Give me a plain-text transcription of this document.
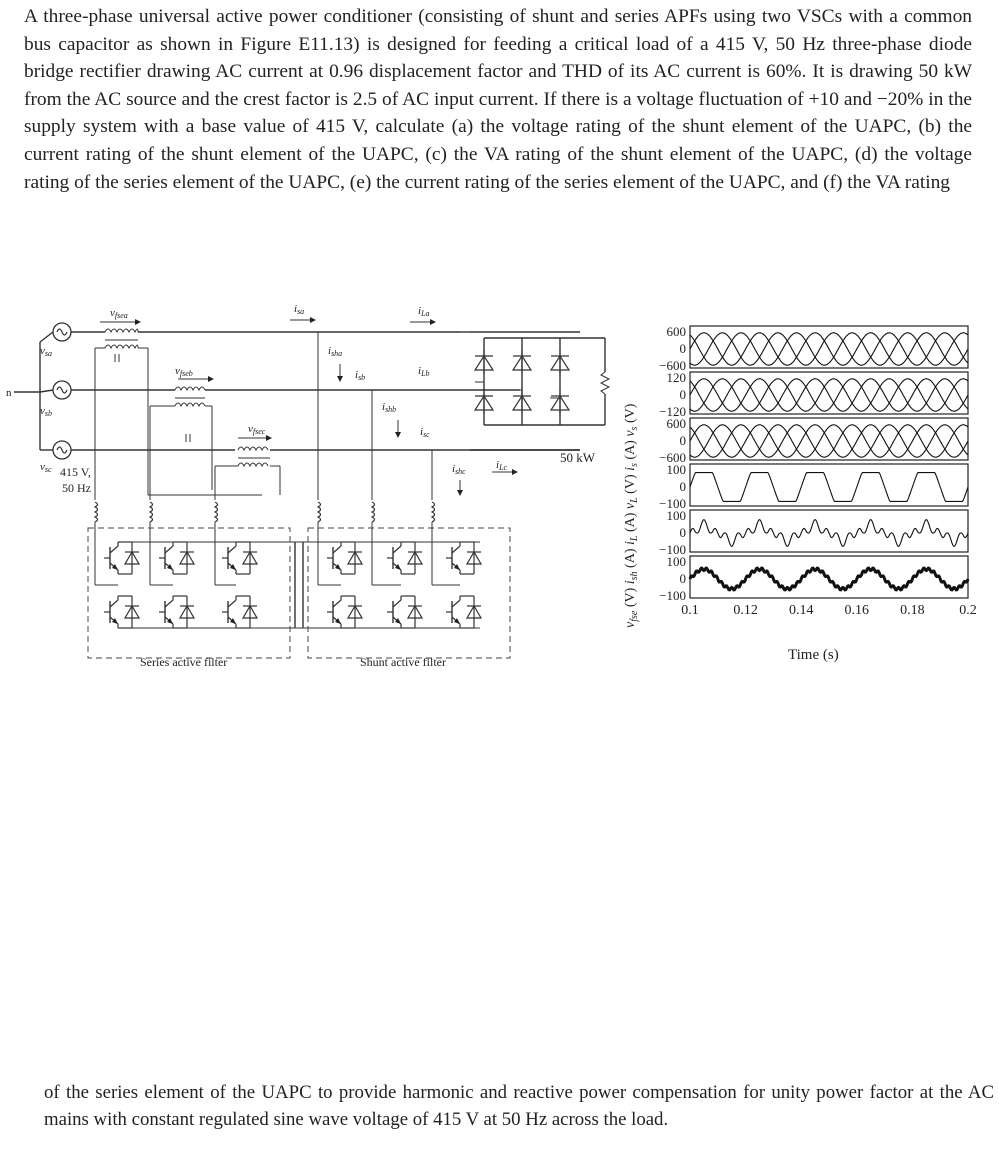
A three-phase universal active power conditioner (consisting of shunt and series APFs using two VSCs with a common bus capacitor as shown in Figure E11.13) is designed for feeding a critical load of a 415 V, 50 Hz three-phase diode bridge rectifier drawing AC current at 0.96 displacement factor and THD of its AC current is 60%. It is drawing 50 kW from the AC source and the crest factor is 2.5 of AC input current. If there is a voltage fluctuation of +10 and −20% in the supply system with a base value of 415 V, calculate (a) the voltage rating of the shunt element of the UAPC, (b) the current rating of the shunt element of the UAPC, (c) the VA rating of the shunt element of the UAPC, (d) the voltage rating of the series element of the UAPC, (e) the current rating of the series element of the UAPC, and (f) the VA rating

vfsea
vfseb
vfsec
isa	iLa
isha
isb
iLb
ishb
isc
ishc
iLc
vsa
vsb
vsc
n
415 V,
50 Hz
50 kW
Series active filter	Shunt active filter
600
0
−600
120
0
−120
600
0
−600
100
0
−100
100
0
−100
100
0
−100
0.1 0.12 0.14 0.16 0.18 0.2
$v_{fse}$ (V) $i_{sh}$ (A) $i_L$ (A) $v_L$ (V) $i_s$ (A) $v_s$ (V)
Time (s)

of the series element of the UAPC to provide harmonic and reactive power compensation for unity power factor at the AC mains with constant regulated sine wave voltage of 415 V at 50 Hz across the load.
